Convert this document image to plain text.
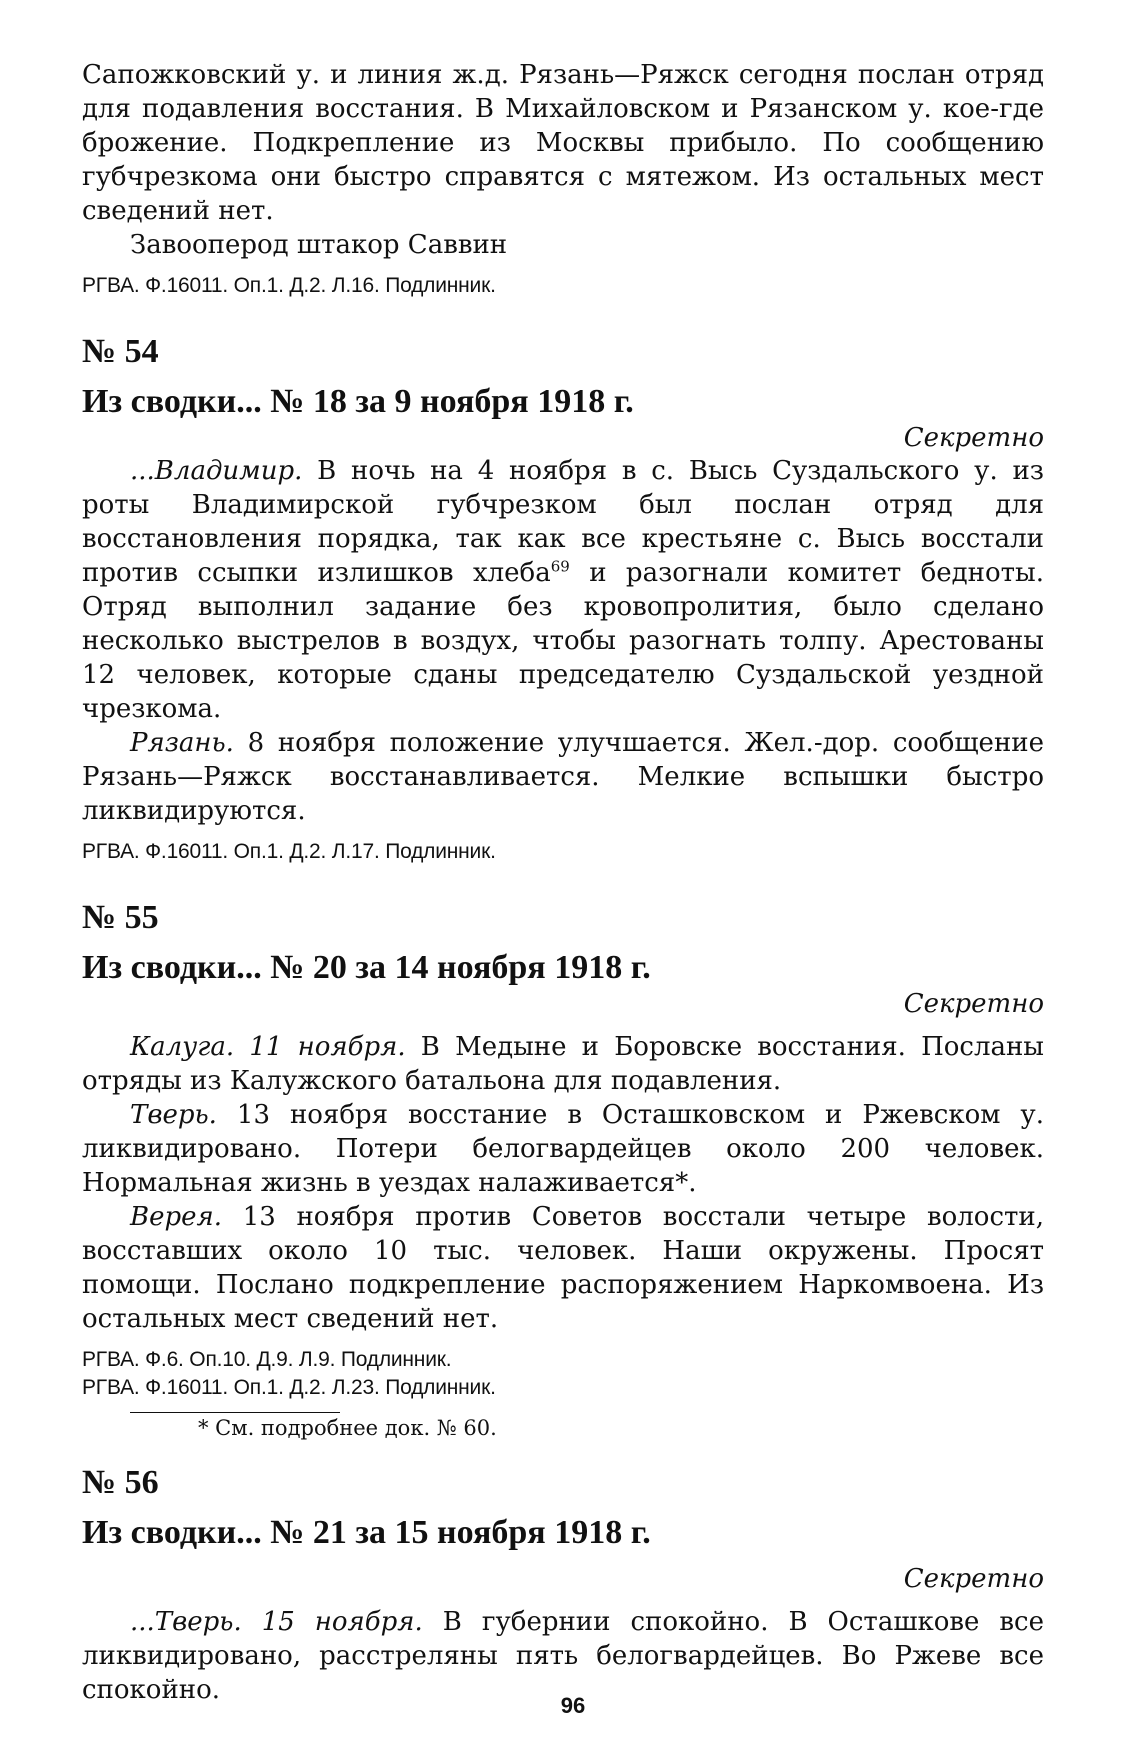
Сапожковский у. и линия ж.д. Рязань—Ряжск сегодня послан отряд для подавления восстания. В Михайловском и Рязанском у. кое-где брожение. Подкрепление из Москвы прибыло. По сообщению губчрезкома они быстро справятся с мятежом. Из остальных мест сведений нет.

Завооперод штакор Саввин

РГВА. Ф.16011. Оп.1. Д.2. Л.16. Подлинник.

№ 54

Из сводки... № 18 за 9 ноября 1918 г.

Секретно

...Владимир. В ночь на 4 ноября в с. Высь Суздальского у. из роты Владимирской губчрезком был послан отряд для восстановления порядка, так как все крестьяне с. Высь восстали против ссыпки излишков хлеба$^{69}$ и разогнали комитет бедноты. Отряд выполнил задание без кровопролития, было сделано несколько выстрелов в воздух, чтобы разогнать толпу. Арестованы 12 человек, которые сданы председателю Суздальской уездной чрезкома.

Рязань. 8 ноября положение улучшается. Жел.-дор. сообщение Рязань—Ряжск восстанавливается. Мелкие вспышки быстро ликвидируются.

РГВА. Ф.16011. Оп.1. Д.2. Л.17. Подлинник.

№ 55

Из сводки... № 20 за 14 ноября 1918 г.

Секретно

Калуга. 11 ноября. В Медыне и Боровске восстания. Посланы отряды из Калужского батальона для подавления.

Тверь. 13 ноября восстание в Осташковском и Ржевском у. ликвидировано. Потери белогвардейцев около 200 человек. Нормальная жизнь в уездах налаживается*.

Верея. 13 ноября против Советов восстали четыре волости, восставших около 10 тыс. человек. Наши окружены. Просят помощи. Послано подкрепление распоряжением Наркомвоена. Из остальных мест сведений нет.

РГВА. Ф.6. Оп.10. Д.9. Л.9. Подлинник.

РГВА. Ф.16011. Оп.1. Д.2. Л.23. Подлинник.

* См. подробнее док. № 60.

№ 56

Из сводки... № 21 за 15 ноября 1918 г.

Секретно

...Тверь. 15 ноября. В губернии спокойно. В Осташкове все ликвидировано, расстреляны пять белогвардейцев. Во Ржеве все спокойно.

96
